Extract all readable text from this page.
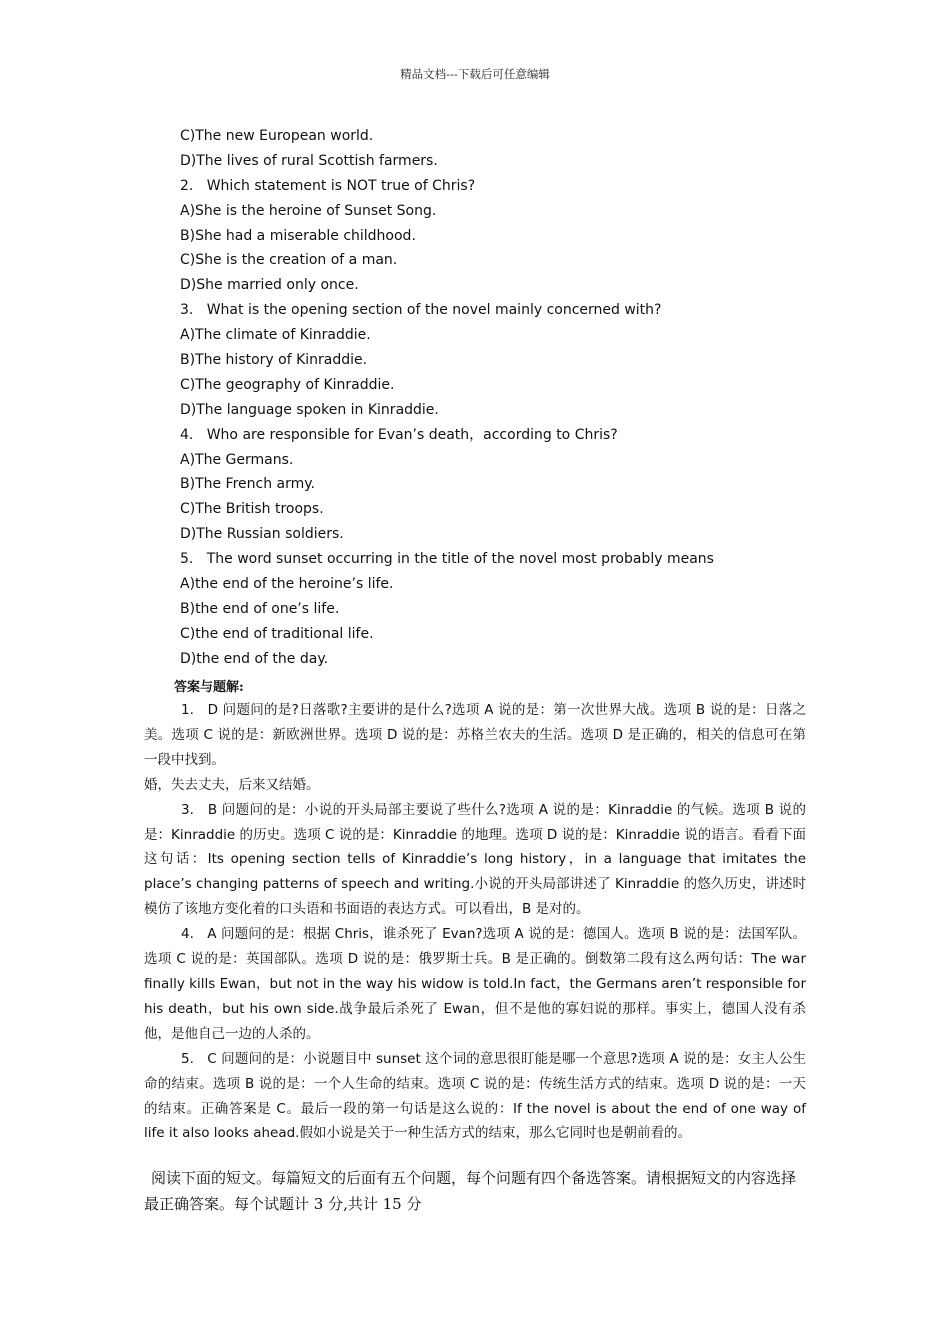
精品文档---下载后可任意编辑
C)The new European world.
D)The lives of rural Scottish farmers.
2.   Which statement is NOT true of Chris?
A)She is the heroine of Sunset Song.
B)She had a miserable childhood.
C)She is the creation of a man.
D)She married only once.
3.   What is the opening section of the novel mainly concerned with?
A)The climate of Kinraddie.
B)The history of Kinraddie.
C)The geography of Kinraddie.
D)The language spoken in Kinraddie.
4.   Who are responsible for Evan’s death，according to Chris?
A)The Germans.
B)The French army.
C)The British troops.
D)The Russian soldiers.
5.   The word sunset occurring in the title of the novel most probably means
A)the end of the heroine’s life.
B)the end of one’s life.
C)the end of traditional life.
D)the end of the day.
答案与题解:

1.   D 问题问的是?日落歌?主要讲的是什么?选项 A 说的是：第一次世界大战。选项 B 说的是：日落之美。选项 C 说的是：新欧洲世界。选项 D 说的是：苏格兰农夫的生活。选项 D 是正确的，相关的信息可在第一段中找到。

婚，失去丈夫，后来又结婚。

3.   B 问题问的是：小说的开头局部主要说了些什么?选项 A 说的是：Kinraddie 的气候。选项 B 说的是：Kinraddie 的历史。选项 C 说的是：Kinraddie 的地理。选项 D 说的是：Kinraddie 说的语言。看看下面这句话：Its opening section tells of Kinraddie’s long history，in a language that imitates the place’s changing patterns of speech and writing.小说的开头局部讲述了 Kinraddie 的悠久历史，讲述时模仿了该地方变化着的口头语和书面语的表达方式。可以看出，B 是对的。

4.   A 问题问的是：根据 Chris，谁杀死了 Evan?选项 A 说的是：德国人。选项 B 说的是：法国军队。选项 C 说的是：英国部队。选项 D 说的是：俄罗斯士兵。B 是正确的。倒数第二段有这么两句话：The war finally kills Ewan，but not in the way his widow is told.In fact，the Germans aren’t responsible for his death，but his own side.战争最后杀死了 Ewan，但不是他的寡妇说的那样。事实上，德国人没有杀他，是他自己一边的人杀的。

5.   C 问题问的是：小说题目中 sunset 这个词的意思很盯能是哪一个意思?选项 A 说的是：女主人公生命的结束。选项 B 说的是：一个人生命的结束。选项 C 说的是：传统生活方式的结束。选项 D 说的是：一天的结束。正确答案是 C。最后一段的第一句话是这么说的：If the novel is about the end of one way of life it also looks ahead.假如小说是关于一种生活方式的结束，那么它同时也是朝前看的。

阅读下面的短文。每篇短文的后面有五个问题，每个问题有四个备选答案。请根据短文的内容选择最正确答案。每个试题计 3 分,共计 15 分
